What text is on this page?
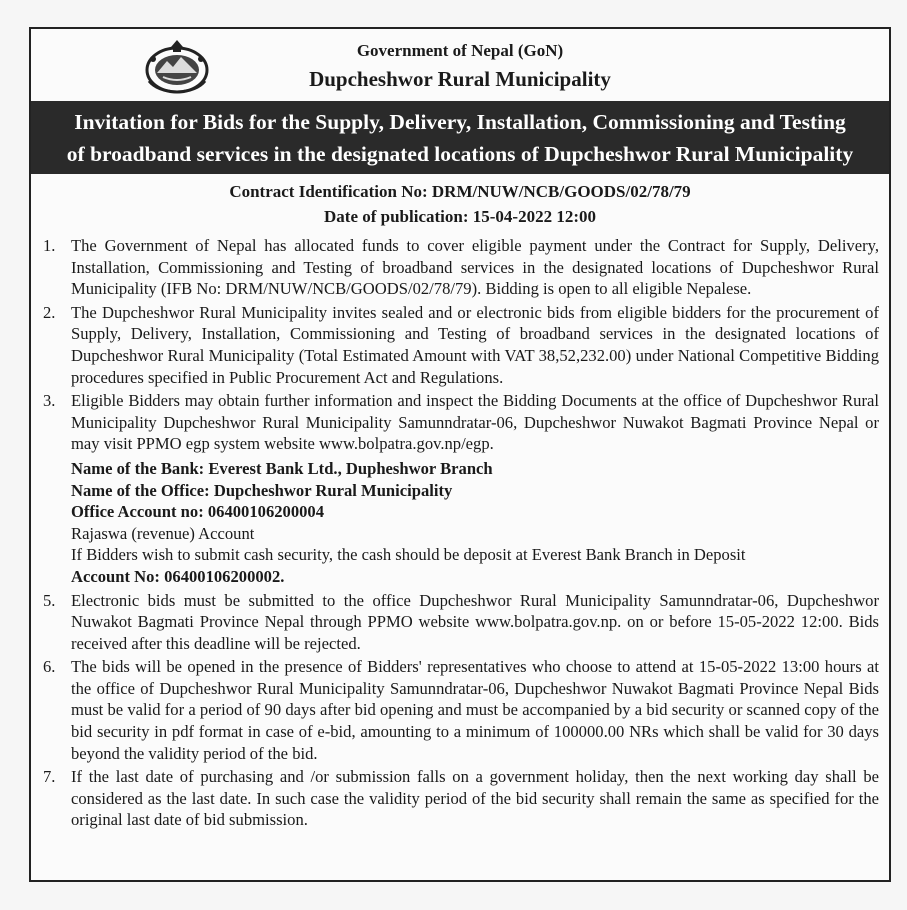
Government of Nepal (GoN)
Dupcheshwor Rural Municipality
Invitation for Bids for the Supply, Delivery, Installation, Commissioning and Testing
of broadband services in the designated locations of Dupcheshwor Rural Municipality
Contract Identification No: DRM/NUW/NCB/GOODS/02/78/79
Date of publication: 15-04-2022 12:00
1. The Government of Nepal has allocated funds to cover eligible payment under the Contract for Supply, Delivery, Installation, Commissioning and Testing of broadband services in the designated locations of Dupcheshwor Rural Municipality (IFB No: DRM/NUW/NCB/GOODS/02/78/79). Bidding is open to all eligible Nepalese.
2. The Dupcheshwor Rural Municipality invites sealed and or electronic bids from eligible bidders for the procurement of Supply, Delivery, Installation, Commissioning and Testing of broadband services in the designated locations of Dupcheshwor Rural Municipality (Total Estimated Amount with VAT 38,52,232.00) under National Competitive Bidding procedures specified in Public Procurement Act and Regulations.
3. Eligible Bidders may obtain further information and inspect the Bidding Documents at the office of Dupcheshwor Rural Municipality Dupcheshwor Rural Municipality Samunndratar-06, Dupcheshwor Nuwakot Bagmati Province Nepal or may visit PPMO egp system website www.bolpatra.gov.np/egp.
Name of the Bank: Everest Bank Ltd., Dupheshwor Branch
Name of the Office: Dupcheshwor Rural Municipality
Office Account no: 06400106200004
Rajaswa (revenue) Account
If Bidders wish to submit cash security, the cash should be deposit at Everest Bank Branch in Deposit
Account No: 06400106200002.
5. Electronic bids must be submitted to the office Dupcheshwor Rural Municipality Samunndratar-06, Dupcheshwor Nuwakot Bagmati Province Nepal through PPMO website www.bolpatra.gov.np. on or before 15-05-2022 12:00. Bids received after this deadline will be rejected.
6. The bids will be opened in the presence of Bidders' representatives who choose to attend at 15-05-2022 13:00 hours at the office of Dupcheshwor Rural Municipality Samunndratar-06, Dupcheshwor Nuwakot Bagmati Province Nepal Bids must be valid for a period of 90 days after bid opening and must be accompanied by a bid security or scanned copy of the bid security in pdf format in case of e-bid, amounting to a minimum of 100000.00 NRs which shall be valid for 30 days beyond the validity period of the bid.
7. If the last date of purchasing and /or submission falls on a government holiday, then the next working day shall be considered as the last date. In such case the validity period of the bid security shall remain the same as specified for the original last date of bid submission.
